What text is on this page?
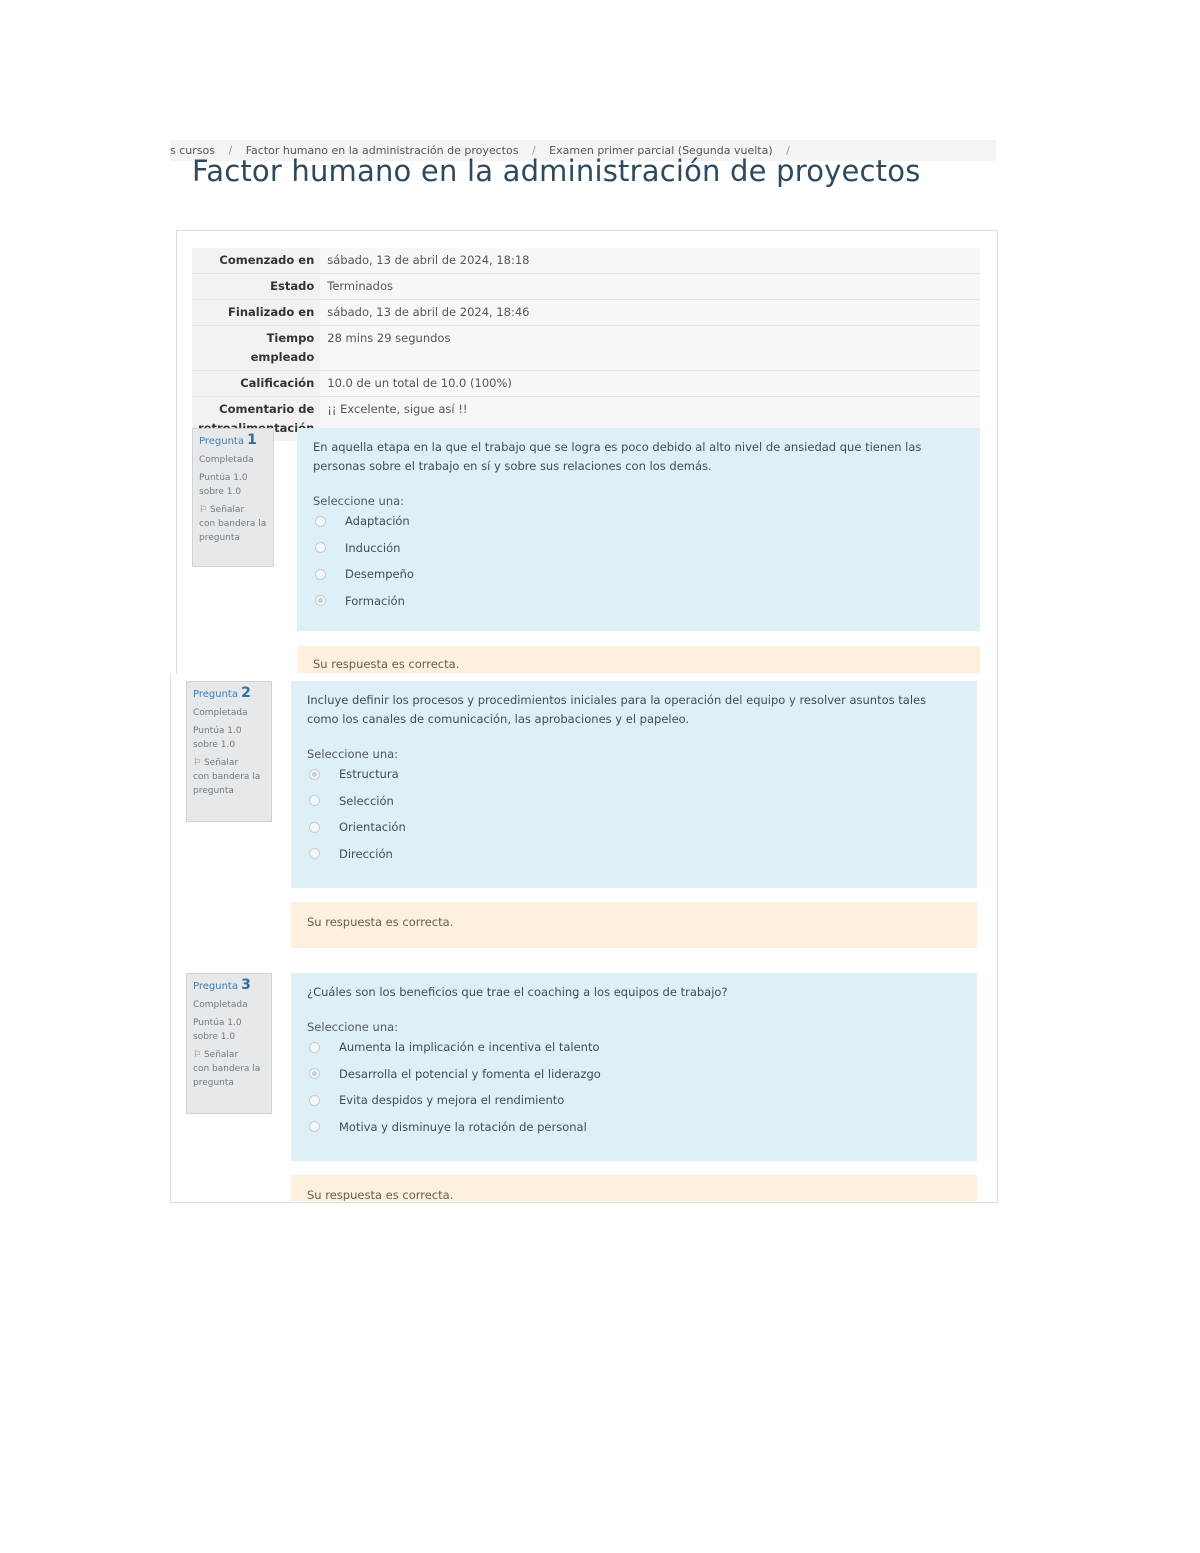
s cursos / Factor humano en la administración de proyectos / Examen primer parcial (Segunda vuelta) /
Factor humano en la administración de proyectos
Comenzado en	sábado, 13 de abril de 2024, 18:18
Estado	Terminados
Finalizado en	sábado, 13 de abril de 2024, 18:46
Tiempo
empleado	28 mins 29 segundos
Calificación	10.0 de un total de 10.0 (100%)
Comentario de	¡¡ Excelente, sigue así !!
Pregunta 1
Completada
Puntúa 1.0
sobre 1.0
⚐ Señalar
con bandera la
pregunta

En aquella etapa en la que el trabajo que se logra es poco debido al alto nivel de ansiedad que tienen las personas sobre el trabajo en sí y sobre sus relaciones con los demás.

Seleccione una:
Adaptación
Inducción
Desempeño
Formación
Su respuesta es correcta.
Pregunta 2
Completada
Puntúa 1.0
sobre 1.0
⚐ Señalar
con bandera la
pregunta

Incluye definir los procesos y procedimientos iniciales para la operación del equipo y resolver asuntos tales como los canales de comunicación, las aprobaciones y el papeleo.

Seleccione una:
Estructura
Selección
Orientación
Dirección
Su respuesta es correcta.
Pregunta 3
Completada
Puntúa 1.0
sobre 1.0
⚐ Señalar
con bandera la
pregunta

¿Cuáles son los beneficios que trae el coaching a los equipos de trabajo?

Seleccione una:
Aumenta la implicación e incentiva el talento
Desarrolla el potencial y fomenta el liderazgo
Evita despidos y mejora el rendimiento
Motiva y disminuye la rotación de personal
Su respuesta es correcta.
